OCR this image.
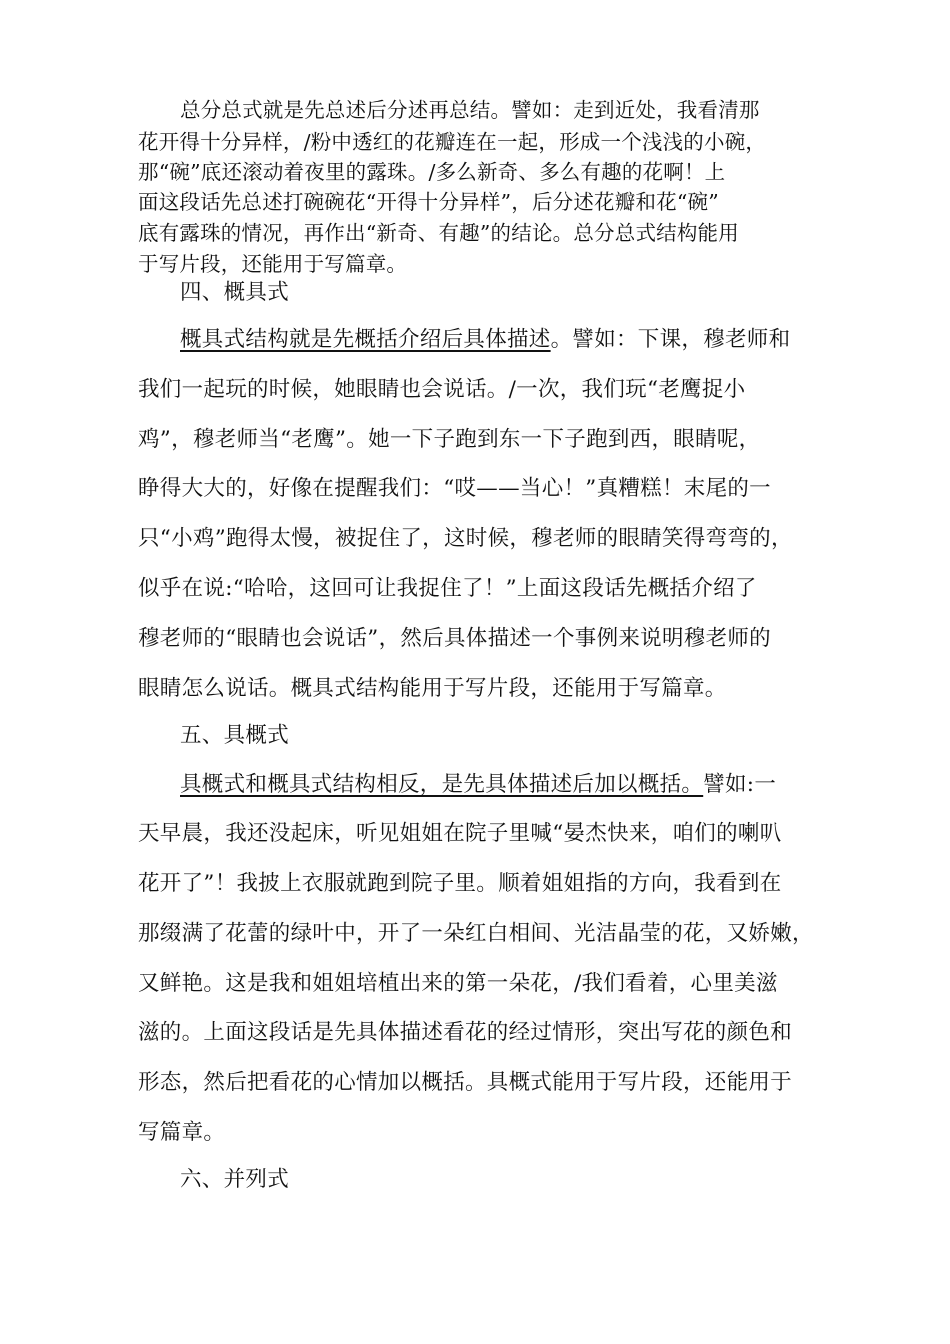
总分总式就是先总述后分述再总结。譬如：走到近处，我看清那
花开得十分异样，/粉中透红的花瓣连在一起，形成一个浅浅的小碗，
那“碗”底还滚动着夜里的露珠。/多么新奇、多么有趣的花啊！上
面这段话先总述打碗碗花“开得十分异样”，后分述花瓣和花“碗”
底有露珠的情况，再作出“新奇、有趣”的结论。总分总式结构能用
于写片段，还能用于写篇章。
四、概具式
概具式结构就是先概括介绍后具体描述。譬如：下课，穆老师和
我们一起玩的时候，她眼睛也会说话。/一次，我们玩“老鹰捉小
鸡”，穆老师当“老鹰”。她一下子跑到东一下子跑到西，眼睛呢，
睁得大大的，好像在提醒我们：“哎——当心！”真糟糕！末尾的一
只“小鸡”跑得太慢，被捉住了，这时候，穆老师的眼睛笑得弯弯的，
似乎在说:“哈哈，这回可让我捉住了！”上面这段话先概括介绍了
穆老师的“眼睛也会说话”，然后具体描述一个事例来说明穆老师的
眼睛怎么说话。概具式结构能用于写片段，还能用于写篇章。
五、具概式
具概式和概具式结构相反，是先具体描述后加以概括。譬如:一
天早晨，我还没起床，听见姐姐在院子里喊“晏杰快来，咱们的喇叭
花开了”！我披上衣服就跑到院子里。顺着姐姐指的方向，我看到在
那缀满了花蕾的绿叶中，开了一朵红白相间、光洁晶莹的花，又娇嫩，
又鲜艳。这是我和姐姐培植出来的第一朵花，/我们看着，心里美滋
滋的。上面这段话是先具体描述看花的经过情形，突出写花的颜色和
形态，然后把看花的心情加以概括。具概式能用于写片段，还能用于
写篇章。
六、并列式
